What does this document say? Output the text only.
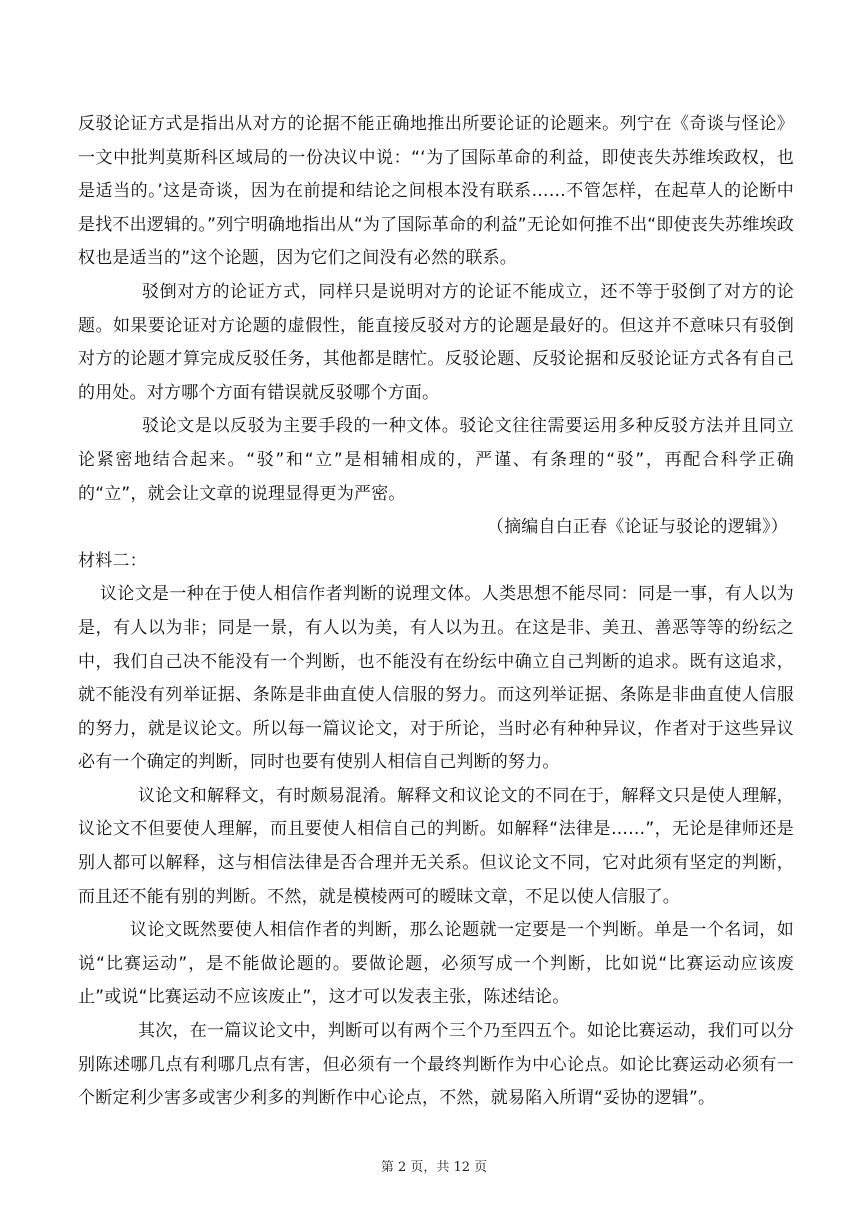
反驳论证方式是指出从对方的论据不能正确地推出所要论证的论题来。列宁在《奇谈与怪论》一文中批判莫斯科区域局的一份决议中说：“‘为了国际革命的利益，即使丧失苏维埃政权，也是适当的。’这是奇谈，因为在前提和结论之间根本没有联系……不管怎样，在起草人的论断中是找不出逻辑的。”列宁明确地指出从“为了国际革命的利益”无论如何推不出“即使丧失苏维埃政权也是适当的”这个论题，因为它们之间没有必然的联系。

驳倒对方的论证方式，同样只是说明对方的论证不能成立，还不等于驳倒了对方的论题。如果要论证对方论题的虚假性，能直接反驳对方的论题是最好的。但这并不意味只有驳倒对方的论题才算完成反驳任务，其他都是瞎忙。反驳论题、反驳论据和反驳论证方式各有自己的用处。对方哪个方面有错误就反驳哪个方面。

驳论文是以反驳为主要手段的一种文体。驳论文往往需要运用多种反驳方法并且同立论紧密地结合起来。“驳”和“立”是相辅相成的，严谨、有条理的“驳”，再配合科学正确的“立”，就会让文章的说理显得更为严密。

（摘编自白正春《论证与驳论的逻辑》）

材料二：

议论文是一种在于使人相信作者判断的说理文体。人类思想不能尽同：同是一事，有人以为是，有人以为非；同是一景，有人以为美，有人以为丑。在这是非、美丑、善恶等等的纷纭之中，我们自己决不能没有一个判断，也不能没有在纷纭中确立自己判断的追求。既有这追求，就不能没有列举证据、条陈是非曲直使人信服的努力。而这列举证据、条陈是非曲直使人信服的努力，就是议论文。所以每一篇议论文，对于所论，当时必有种种异议，作者对于这些异议必有一个确定的判断，同时也要有使别人相信自己判断的努力。

议论文和解释文，有时颇易混淆。解释文和议论文的不同在于，解释文只是使人理解，议论文不但要使人理解，而且要使人相信自己的判断。如解释“法律是……”，无论是律师还是别人都可以解释，这与相信法律是否合理并无关系。但议论文不同，它对此须有坚定的判断，而且还不能有别的判断。不然，就是模棱两可的暧昧文章，不足以使人信服了。

议论文既然要使人相信作者的判断，那么论题就一定要是一个判断。单是一个名词，如说“比赛运动”，是不能做论题的。要做论题，必须写成一个判断，比如说“比赛运动应该废止”或说“比赛运动不应该废止”，这才可以发表主张，陈述结论。

其次，在一篇议论文中，判断可以有两个三个乃至四五个。如论比赛运动，我们可以分别陈述哪几点有利哪几点有害，但必须有一个最终判断作为中心论点。如论比赛运动必须有一个断定利少害多或害少利多的判断作中心论点，不然，就易陷入所谓“妥协的逻辑”。

第 2 页，共 12 页
